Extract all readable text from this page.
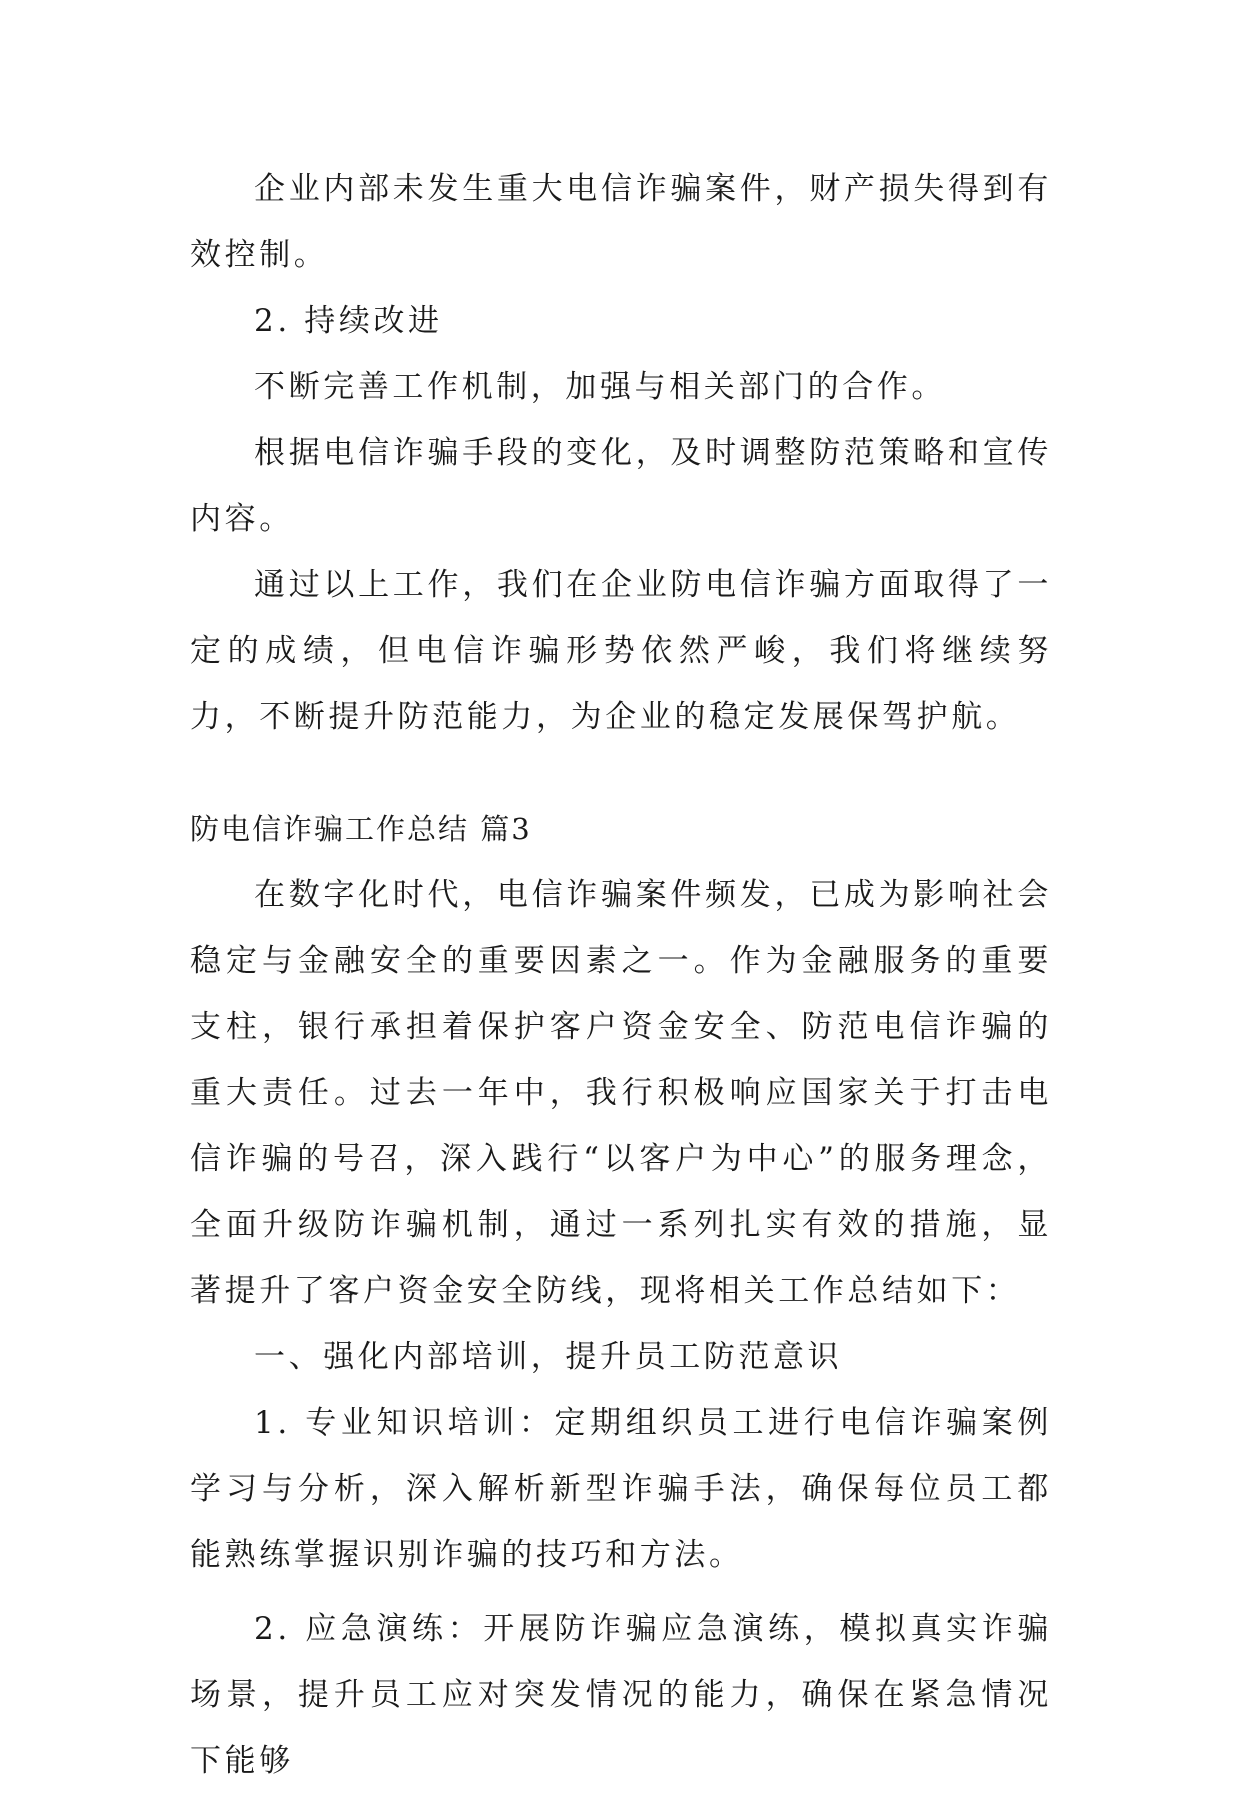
企业内部未发生重大电信诈骗案件，财产损失得到有效控制。

2. 持续改进

不断完善工作机制，加强与相关部门的合作。

根据电信诈骗手段的变化，及时调整防范策略和宣传内容。

通过以上工作，我们在企业防电信诈骗方面取得了一定的成绩，但电信诈骗形势依然严峻，我们将继续努力，不断提升防范能力，为企业的稳定发展保驾护航。

防电信诈骗工作总结 篇3

在数字化时代，电信诈骗案件频发，已成为影响社会稳定与金融安全的重要因素之一。作为金融服务的重要支柱，银行承担着保护客户资金安全、防范电信诈骗的重大责任。过去一年中，我行积极响应国家关于打击电信诈骗的号召，深入践行“以客户为中心”的服务理念，全面升级防诈骗机制，通过一系列扎实有效的措施，显著提升了客户资金安全防线，现将相关工作总结如下：

一、强化内部培训，提升员工防范意识

1. 专业知识培训：定期组织员工进行电信诈骗案例学习与分析，深入解析新型诈骗手法，确保每位员工都能熟练掌握识别诈骗的技巧和方法。

2. 应急演练：开展防诈骗应急演练，模拟真实诈骗场景，提升员工应对突发情况的能力，确保在紧急情况下能够
